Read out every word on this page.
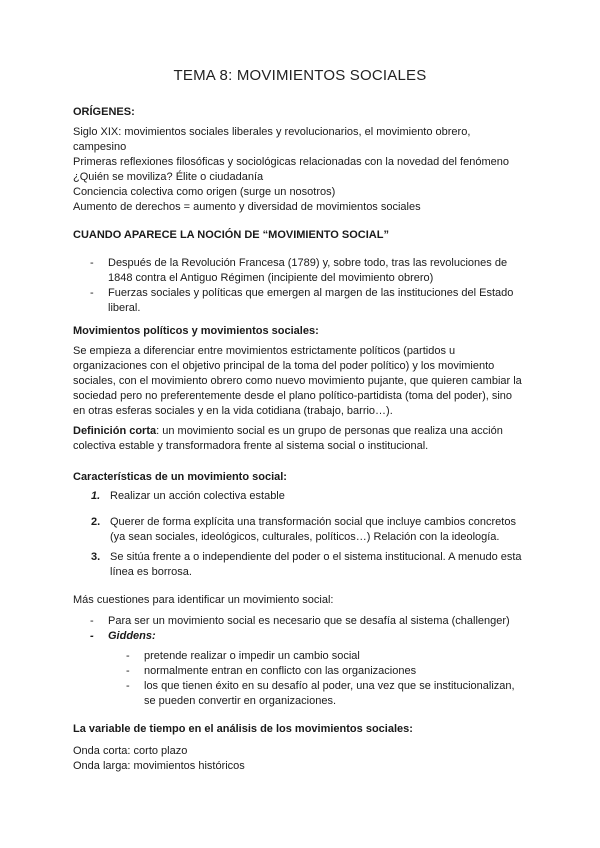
TEMA 8: MOVIMIENTOS SOCIALES
ORÍGENES:
Siglo XIX: movimientos sociales liberales y revolucionarios, el movimiento obrero,
campesino
Primeras reflexiones filosóficas y sociológicas relacionadas con la novedad del fenómeno
¿Quién se moviliza? Élite o ciudadanía
Conciencia colectiva como origen (surge un nosotros)
Aumento de derechos = aumento y diversidad de movimientos sociales
CUANDO APARECE LA NOCIÓN DE “MOVIMIENTO SOCIAL”
- Después de la Revolución Francesa (1789) y, sobre todo, tras las revoluciones de
1848 contra el Antiguo Régimen (incipiente del movimiento obrero)
- Fuerzas sociales y políticas que emergen al margen de las instituciones del Estado
liberal.
Movimientos políticos y movimientos sociales:
Se empieza a diferenciar entre movimientos estrictamente políticos (partidos u
organizaciones con el objetivo principal de la toma del poder político) y los movimiento
sociales, con el movimiento obrero como nuevo movimiento pujante, que quieren cambiar la
sociedad pero no preferentemente desde el plano político-partidista (toma del poder), sino
en otras esferas sociales y en la vida cotidiana (trabajo, barrio…).
Definición corta: un movimiento social es un grupo de personas que realiza una acción
colectiva estable y transformadora frente al sistema social o institucional.
Características de un movimiento social:
1. Realizar un acción colectiva estable
2. Querer de forma explícita una transformación social que incluye cambios concretos
(ya sean sociales, ideológicos, culturales, políticos…) Relación con la ideología.
3. Se sitúa frente a o independiente del poder o el sistema institucional. A menudo esta
línea es borrosa.
Más cuestiones para identificar un movimiento social:
- Para ser un movimiento social es necesario que se desafía al sistema (challenger)
- Giddens:
- pretende realizar o impedir un cambio social
- normalmente entran en conflicto con las organizaciones
- los que tienen éxito en su desafío al poder, una vez que se institucionalizan,
se pueden convertir en organizaciones.
La variable de tiempo en el análisis de los movimientos sociales:
Onda corta: corto plazo
Onda larga: movimientos históricos
